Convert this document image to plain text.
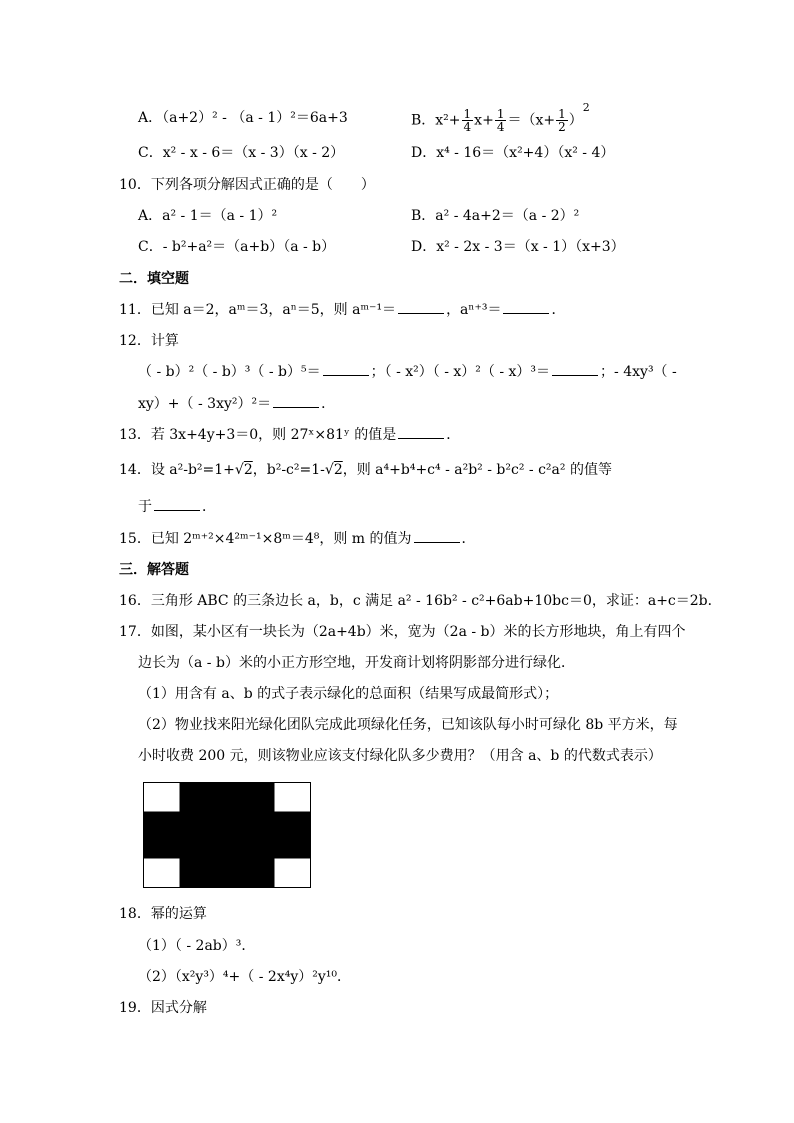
A．（a+2）² - （a - 1）²＝6a+3	B．$x^2+ \frac{1}{4} x+ \frac{1}{4} =(x+ \frac{1}{2} )^2$
C．x² - x - 6＝（x - 3）（x - 2）	D．x⁴ - 16＝（x²+4）（x² - 4）
10．下列各项分解因式正确的是（　　）
A．a² - 1＝（a - 1）²	B．a² - 4a+2＝（a - 2）²
C．- b²+a²＝（a+b）（a - b）	D．x² - 2x - 3＝（x - 1）（x+3）
二．填空题
11．已知 a＝2，aᵐ＝3，aⁿ＝5，则 aᵐ⁻¹＝	，aⁿ⁺³＝	．
12．计算
（ - b）²（ - b）³（ - b）⁵＝	；（ - x²）（ - x）²（ - x）³＝	；- 4xy³（ -
xy）+（ - 3xy²）²＝	．
13．若 3x+4y+3＝0，则 27ˣ×81ʸ 的值是	．
14．设 a²-b²=1+√2，b²-c²=1-√2，则 a⁴+b⁴+c⁴ - a²b² - b²c² - c²a² 的值等
于	．
15．已知 2ᵐ⁺²×4²ᵐ⁻¹×8ᵐ＝4⁸，则 m 的值为	．
三．解答题
16．三角形 ABC 的三条边长 a，b，c 满足 a² - 16b² - c²+6ab+10bc＝0，求证：a+c＝2b．
17．如图，某小区有一块长为（2a+4b）米，宽为（2a - b）米的长方形地块，角上有四个
边长为（a - b）米的小正方形空地，开发商计划将阴影部分进行绿化．
（1）用含有 a、b 的式子表示绿化的总面积（结果写成最简形式）；
（2）物业找来阳光绿化团队完成此项绿化任务，已知该队每小时可绿化 8b 平方米，每
小时收费 200 元，则该物业应该支付绿化队多少费用？（用含 a、b 的代数式表示）
18．幂的运算
（1）（ - 2ab）³．
（2）（x²y³）⁴+（ - 2x⁴y）²y¹⁰．
19．因式分解
